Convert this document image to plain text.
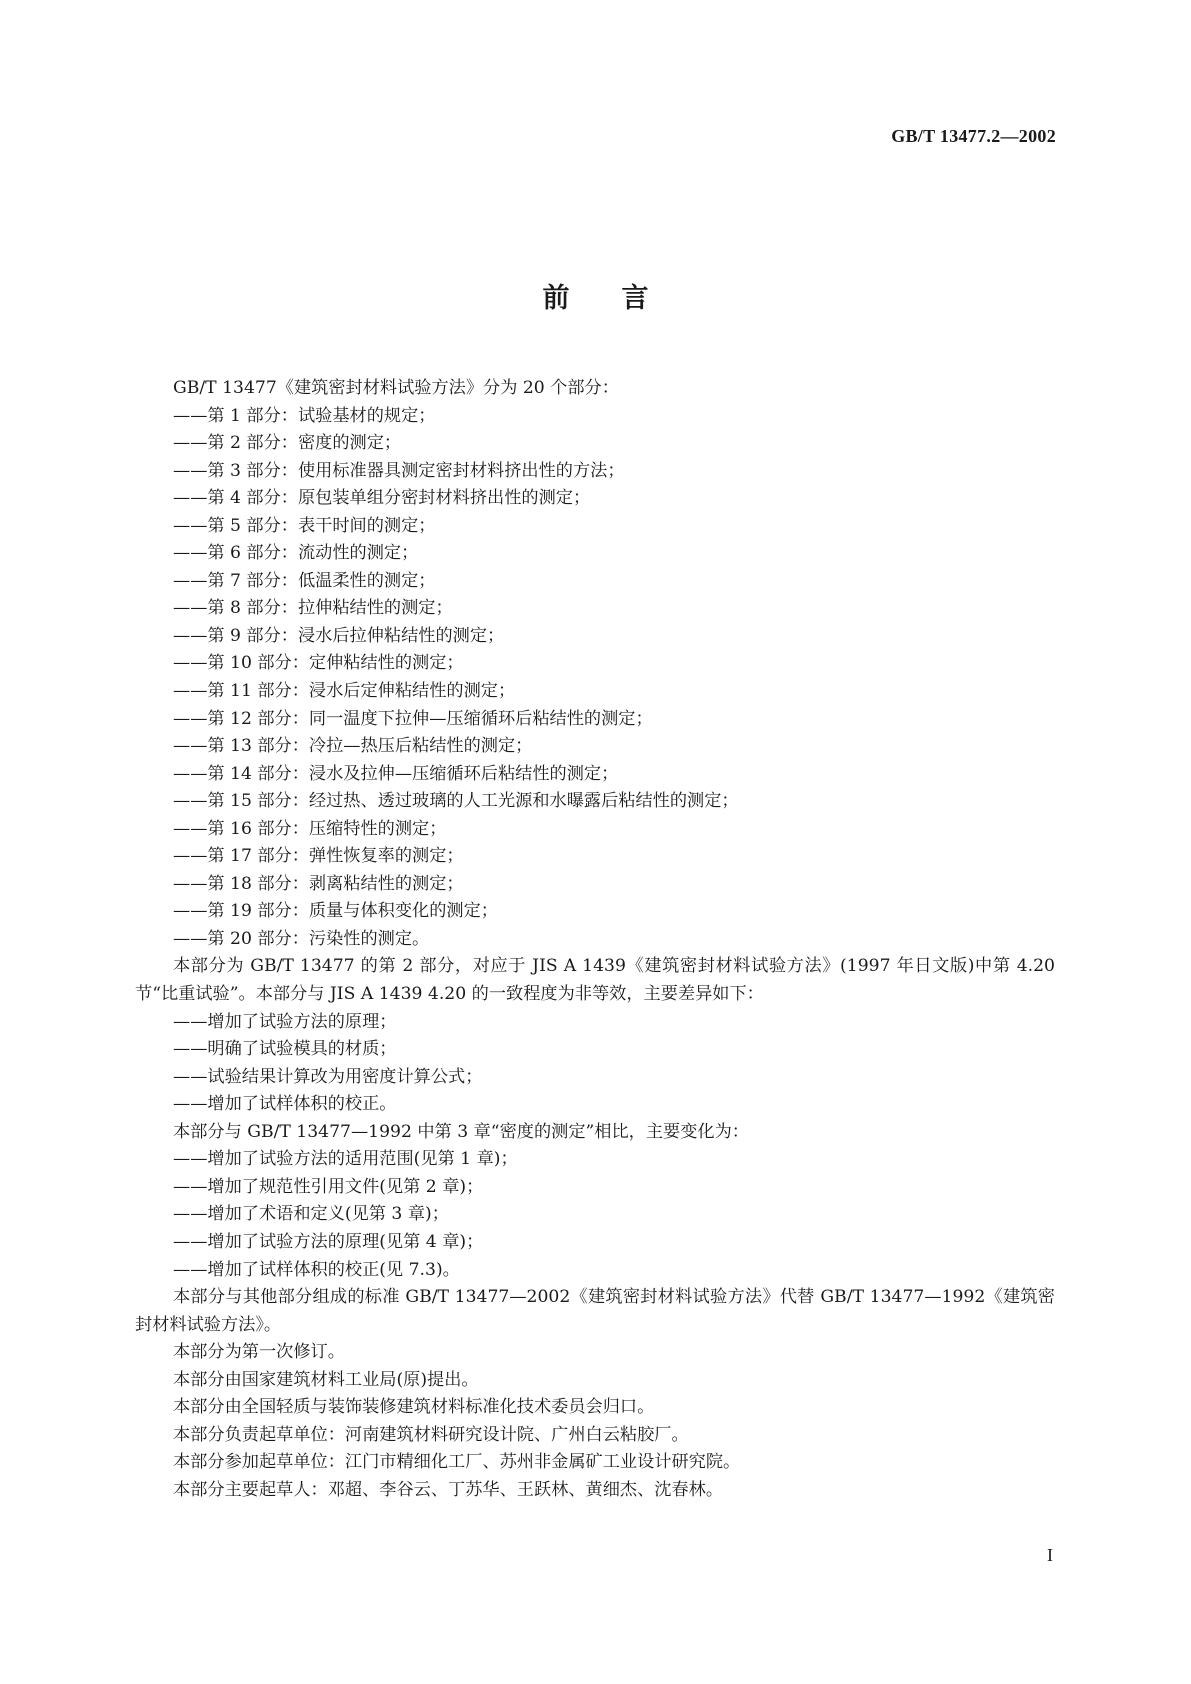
GB/T 13477.2—2002
前言

GB/T 13477《建筑密封材料试验方法》分为 20 个部分：

——第 1 部分：试验基材的规定；

——第 2 部分：密度的测定；

——第 3 部分：使用标准器具测定密封材料挤出性的方法；

——第 4 部分：原包装单组分密封材料挤出性的测定；

——第 5 部分：表干时间的测定；

——第 6 部分：流动性的测定；

——第 7 部分：低温柔性的测定；

——第 8 部分：拉伸粘结性的测定；

——第 9 部分：浸水后拉伸粘结性的测定；

——第 10 部分：定伸粘结性的测定；

——第 11 部分：浸水后定伸粘结性的测定；

——第 12 部分：同一温度下拉伸—压缩循环后粘结性的测定；

——第 13 部分：冷拉—热压后粘结性的测定；

——第 14 部分：浸水及拉伸—压缩循环后粘结性的测定；

——第 15 部分：经过热、透过玻璃的人工光源和水曝露后粘结性的测定；

——第 16 部分：压缩特性的测定；

——第 17 部分：弹性恢复率的测定；

——第 18 部分：剥离粘结性的测定；

——第 19 部分：质量与体积变化的测定；

——第 20 部分：污染性的测定。

本部分为 GB/T 13477 的第 2 部分，对应于 JIS A 1439《建筑密封材料试验方法》(1997 年日文版)中第 4.20 节“比重试验”。本部分与 JIS A 1439 4.20 的一致程度为非等效，主要差异如下：

——增加了试验方法的原理；

——明确了试验模具的材质；

——试验结果计算改为用密度计算公式；

——增加了试样体积的校正。

本部分与 GB/T 13477—1992 中第 3 章“密度的测定”相比，主要变化为：

——增加了试验方法的适用范围(见第 1 章)；

——增加了规范性引用文件(见第 2 章)；

——增加了术语和定义(见第 3 章)；

——增加了试验方法的原理(见第 4 章)；

——增加了试样体积的校正(见 7.3)。

本部分与其他部分组成的标准 GB/T 13477—2002《建筑密封材料试验方法》代替 GB/T 13477—1992《建筑密封材料试验方法》。

本部分为第一次修订。

本部分由国家建筑材料工业局(原)提出。

本部分由全国轻质与装饰装修建筑材料标准化技术委员会归口。

本部分负责起草单位：河南建筑材料研究设计院、广州白云粘胶厂。

本部分参加起草单位：江门市精细化工厂、苏州非金属矿工业设计研究院。

本部分主要起草人：邓超、李谷云、丁苏华、王跃林、黄细杰、沈春林。

I
